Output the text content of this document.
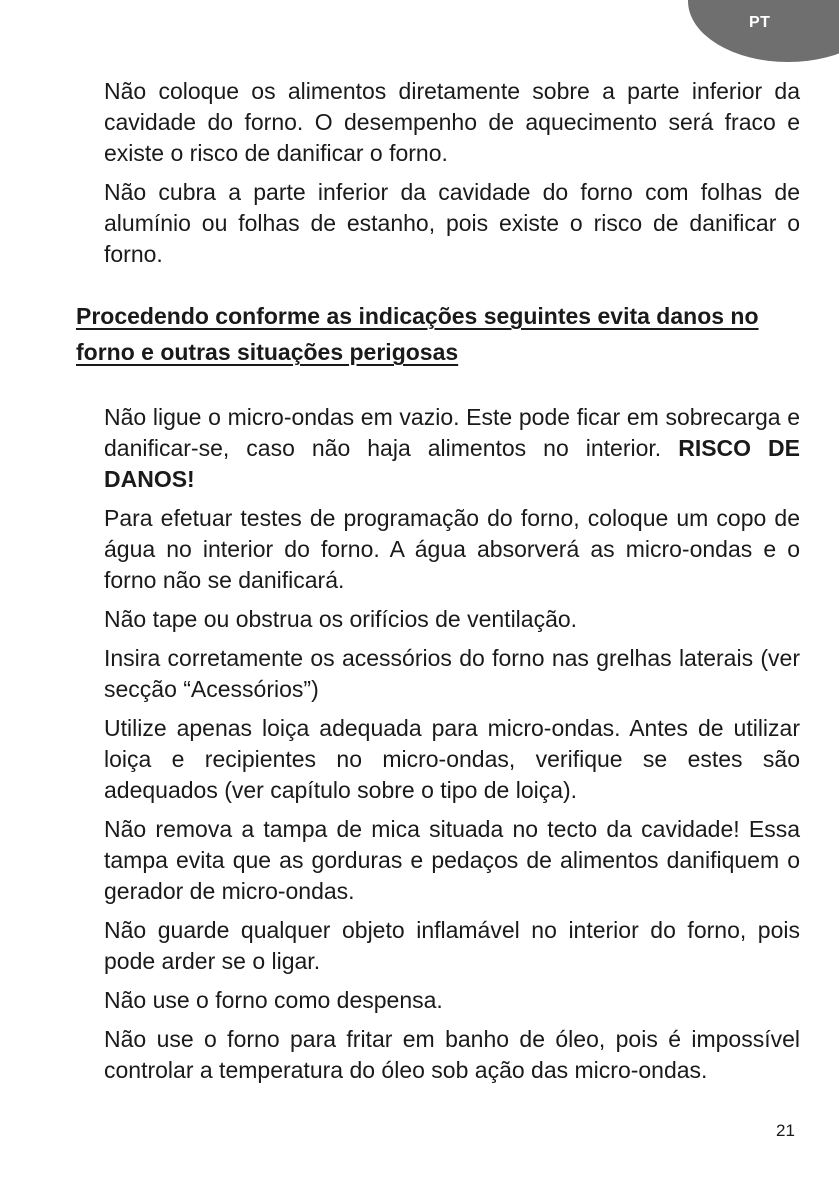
PT

Não coloque os alimentos diretamente sobre a parte inferior da cavidade do forno. O desempenho de aquecimento será fraco e existe o risco de danificar o forno.

Não cubra a parte inferior da cavidade do forno com folhas de alumínio ou folhas de estanho, pois existe o risco de danificar o forno.

Procedendo conforme as indicações seguintes evita danos no forno e outras situações perigosas

Não ligue o micro-ondas em vazio. Este pode ficar em sobrecarga e danificar-se, caso não haja alimentos no interior. RISCO DE DANOS!

Para efetuar testes de programação do forno, coloque um copo de água no interior do forno. A água absorverá as micro-ondas e o forno não se danificará.

Não tape ou obstrua os orifícios de ventilação.

Insira corretamente os acessórios do forno nas grelhas laterais (ver secção “Acessórios”)

Utilize apenas loiça adequada para micro-ondas. Antes de utilizar loiça e recipientes no micro-ondas, verifique se estes são adequados (ver capítulo sobre o tipo de loiça).

Não remova a tampa de mica situada no tecto da cavidade! Essa tampa evita que as gorduras e pedaços de alimentos danifiquem o gerador de micro-ondas.

Não guarde qualquer objeto inflamável no interior do forno, pois pode arder se o ligar.

Não use o forno como despensa.

Não use o forno para fritar em banho de óleo, pois é impossível controlar a temperatura do óleo sob ação das micro-ondas.

21
